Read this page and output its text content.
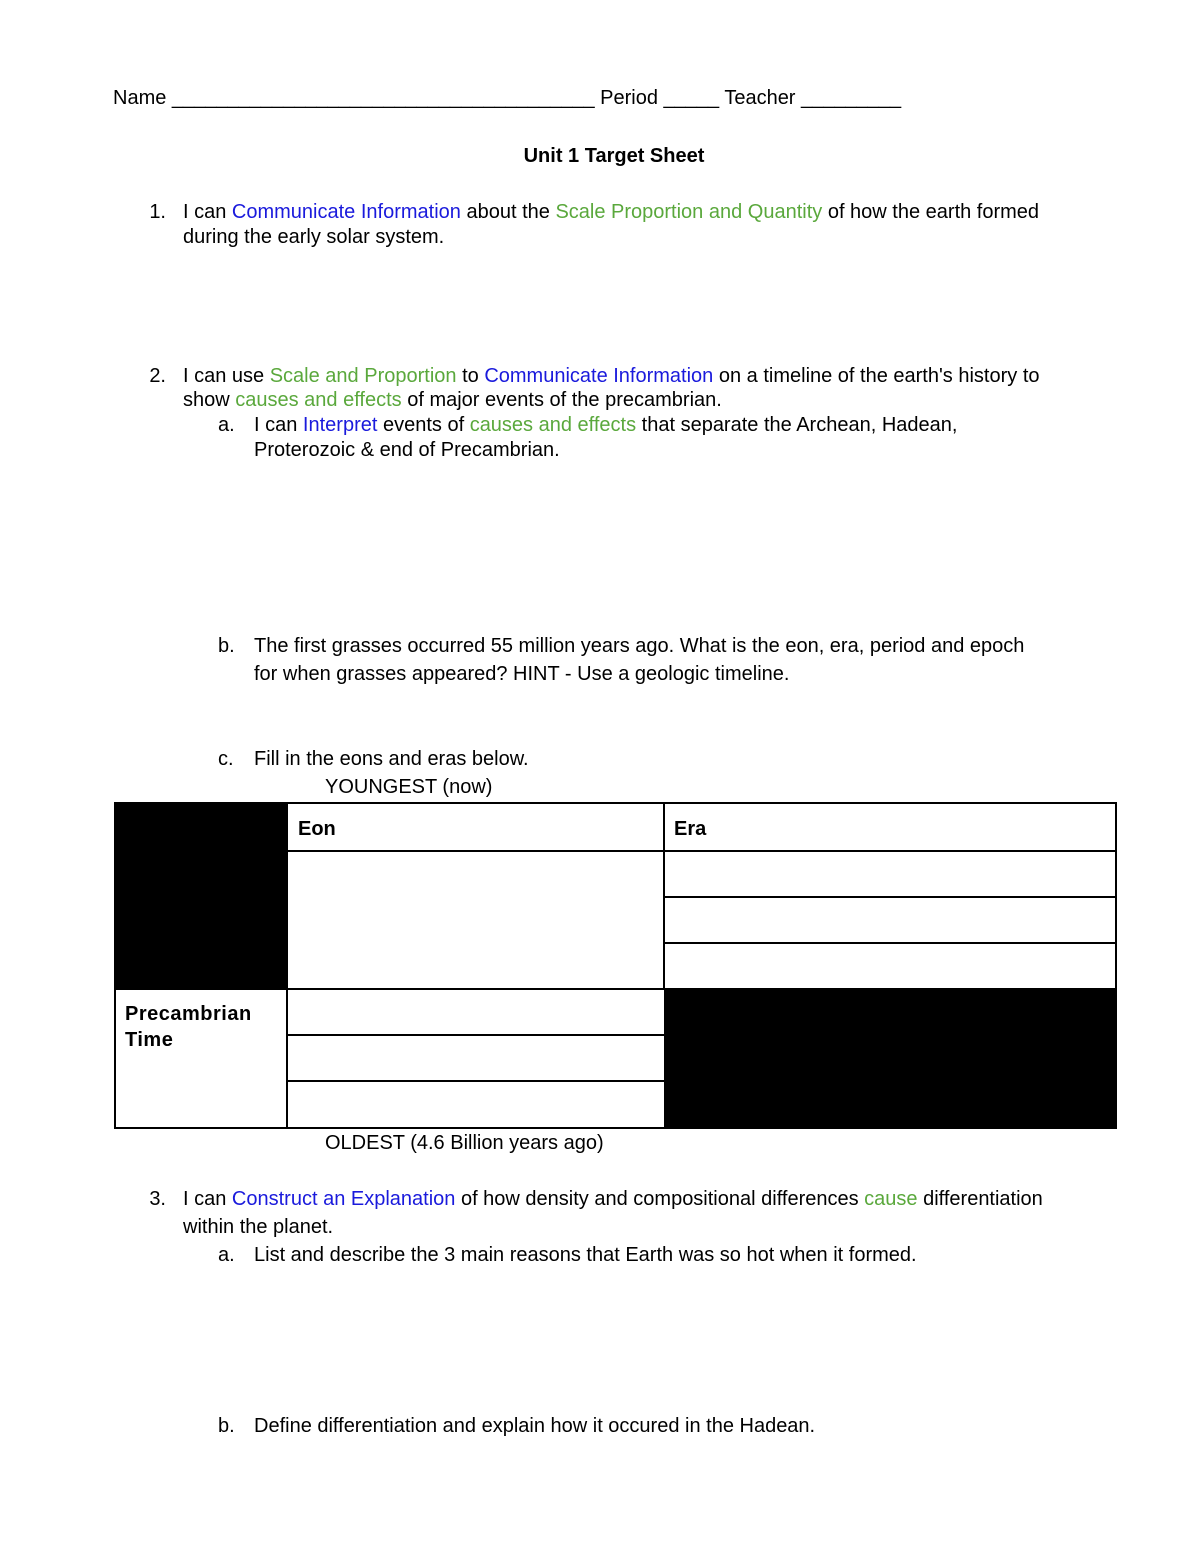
Name ______________________________________ Period _____ Teacher _________
Unit 1 Target Sheet
1. I can Communicate Information about the Scale Proportion and Quantity of how the earth formed
during the early solar system.
2. I can use Scale and Proportion to Communicate Information on a timeline of the earth's history to
show causes and effects of major events of the precambrian.
a. I can Interpret events of causes and effects that separate the Archean, Hadean,
Proterozoic & end of Precambrian.
b. The first grasses occurred 55 million years ago. What is the eon, era, period and epoch
for when grasses appeared? HINT - Use a geologic timeline.
c. Fill in the eons and eras below.
YOUNGEST (now)
Eon	Era
Precambrian
Time
OLDEST (4.6 Billion years ago)
3. I can Construct an Explanation of how density and compositional differences cause differentiation
within the planet.
a. List and describe the 3 main reasons that Earth was so hot when it formed.
b. Define differentiation and explain how it occured in the Hadean.
